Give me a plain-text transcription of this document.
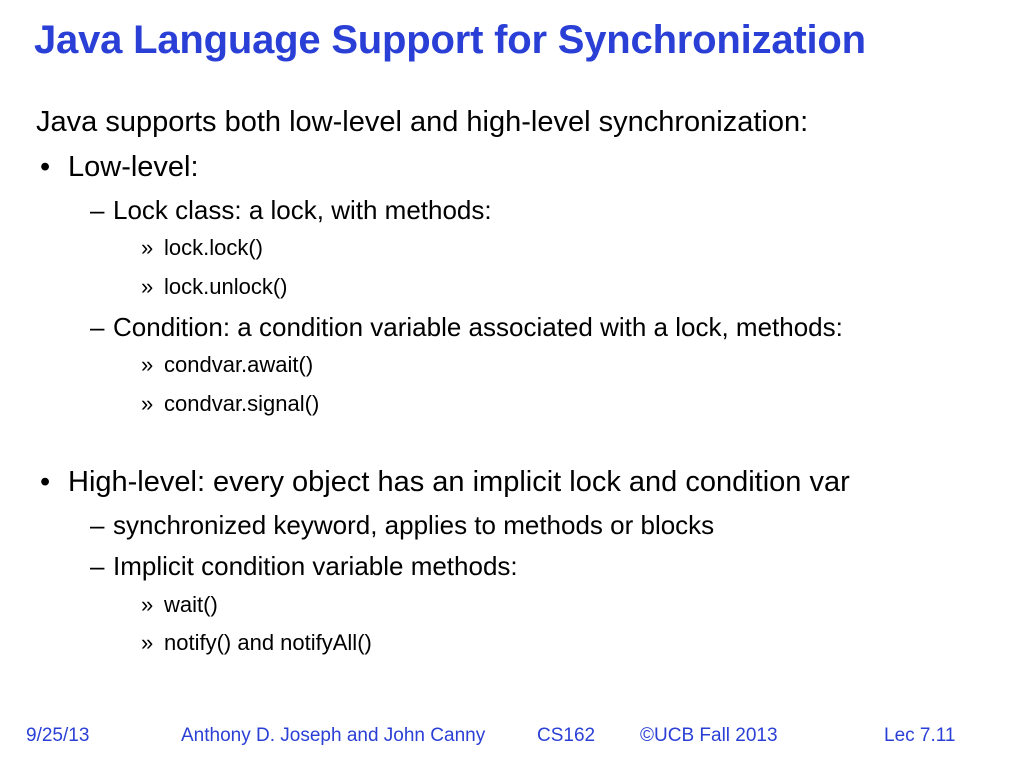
Java Language Support for Synchronization
Java supports both low-level and high-level synchronization:
• Low-level:
– Lock class: a lock, with methods:
» lock.lock()
» lock.unlock()
– Condition: a condition variable associated with a lock, methods:
» condvar.await()
» condvar.signal()
• High-level: every object has an implicit lock and condition var
– synchronized keyword, applies to methods or blocks
– Implicit condition variable methods:
» wait()
» notify() and notifyAll()
9/25/13	Anthony D. Joseph and John Canny	CS162 ©UCB Fall 2013	Lec 7.11
